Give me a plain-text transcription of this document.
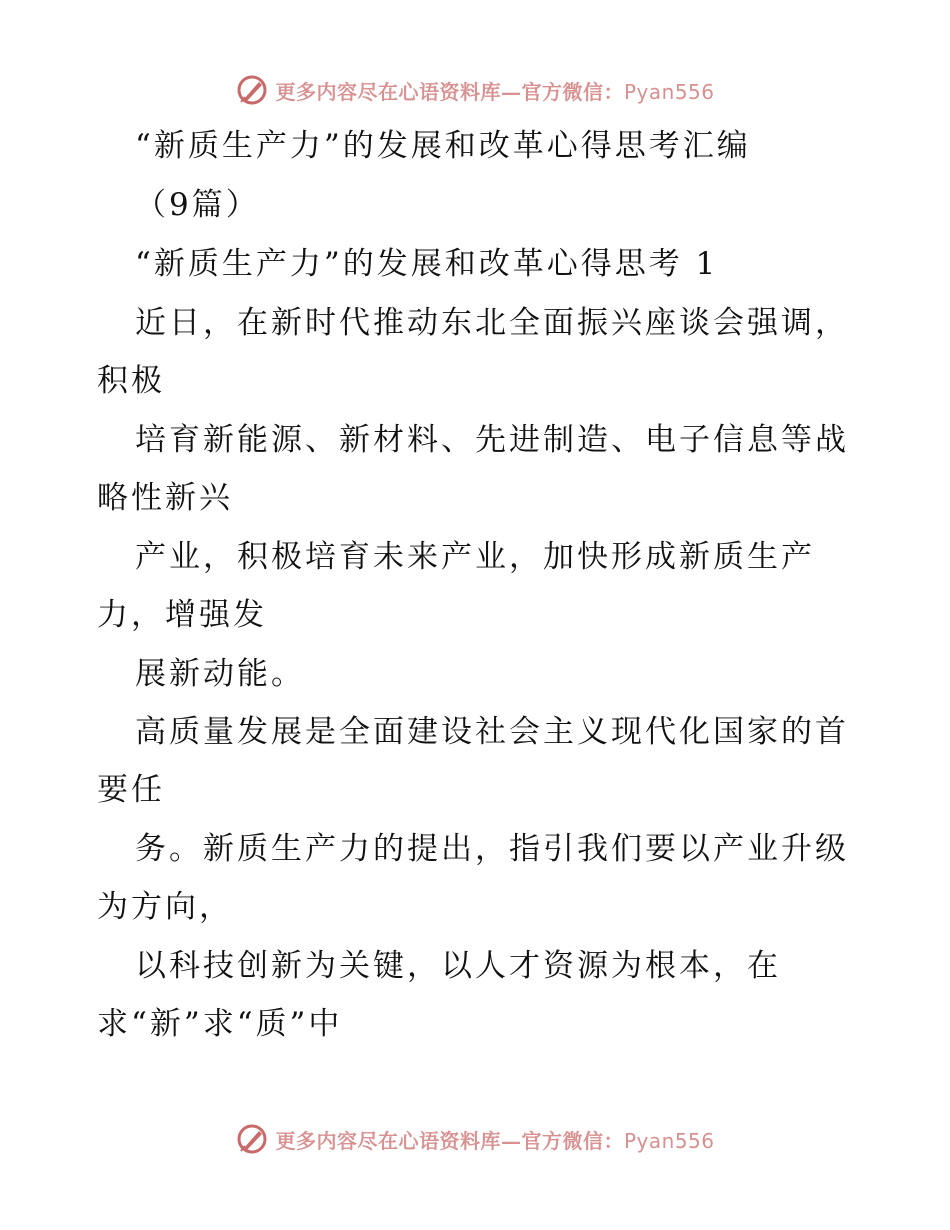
更多内容尽在心语资料库—官方微信：Pyan556
“新质生产力”的发展和改革心得思考汇编
（9篇）
“新质生产力”的发展和改革心得思考 1
近日，在新时代推动东北全面振兴座谈会强调，
积极
培育新能源、新材料、先进制造、电子信息等战
略性新兴
产业，积极培育未来产业，加快形成新质生产
力，增强发
展新动能。
高质量发展是全面建设社会主义现代化国家的首
要任
务。新质生产力的提出，指引我们要以产业升级
为方向，
以科技创新为关键，以人才资源为根本，在
求“新”求“质”中
更多内容尽在心语资料库—官方微信：Pyan556
